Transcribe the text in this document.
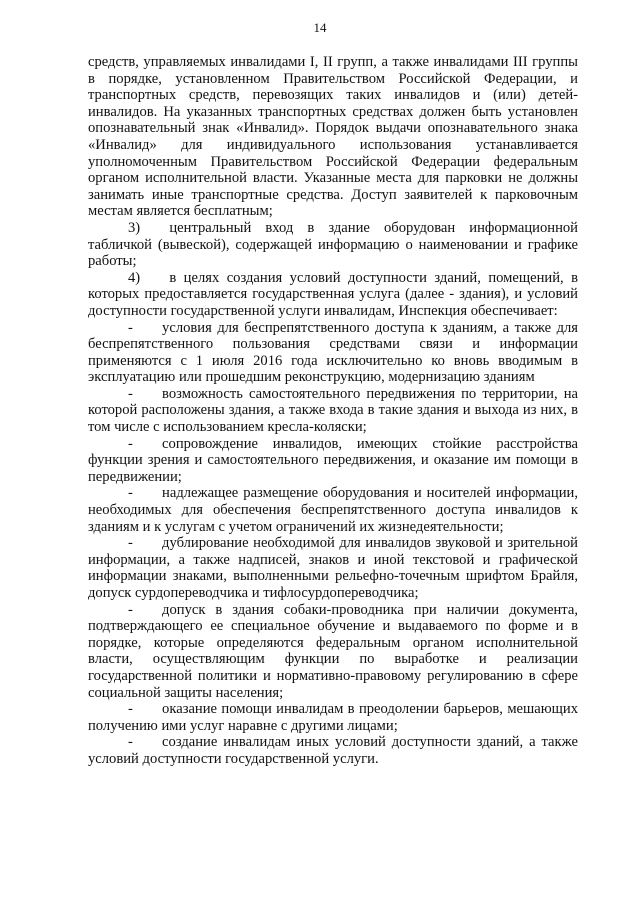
14

средств, управляемых инвалидами I, II групп, а также инвалидами III группы в порядке, установленном Правительством Российской Федерации, и транспортных средств, перевозящих таких инвалидов и (или) детей-инвалидов. На указанных транспортных средствах должен быть установлен опознавательный знак «Инвалид». Порядок выдачи опознавательного знака «Инвалид» для индивидуального использования устанавливается уполномоченным Правительством Российской Федерации федеральным органом исполнительной власти. Указанные места для парковки не должны занимать иные транспортные средства. Доступ заявителей к парковочным местам является бесплатным;

3)  центральный вход в здание оборудован информационной табличкой (вывеской), содержащей информацию о наименовании и графике работы;

4)  в целях создания условий доступности зданий, помещений, в которых предоставляется государственная услуга (далее - здания), и условий доступности государственной услуги инвалидам, Инспекция обеспечивает:

-  условия для беспрепятственного доступа к зданиям, а также для беспрепятственного пользования средствами связи и информации применяются с 1 июля 2016 года исключительно ко вновь вводимым в эксплуатацию или прошедшим реконструкцию, модернизацию зданиям

-  возможность самостоятельного передвижения по территории, на которой расположены здания, а также входа в такие здания и выхода из них, в том числе с использованием кресла-коляски;

-  сопровождение инвалидов, имеющих стойкие расстройства функции зрения и самостоятельного передвижения, и оказание им помощи в передвижении;

-  надлежащее размещение оборудования и носителей информации, необходимых для обеспечения беспрепятственного доступа инвалидов к зданиям и к услугам с учетом ограничений их жизнедеятельности;

-  дублирование необходимой для инвалидов звуковой и зрительной информации, а также надписей, знаков и иной текстовой и графической информации знаками, выполненными рельефно-точечным шрифтом Брайля, допуск сурдопереводчика и тифлосурдопереводчика;

-  допуск в здания собаки-проводника при наличии документа, подтверждающего ее специальное обучение и выдаваемого по форме и в порядке, которые определяются федеральным органом исполнительной власти, осуществляющим функции по выработке и реализации государственной политики и нормативно-правовому регулированию в сфере социальной защиты населения;

-  оказание помощи инвалидам в преодолении барьеров, мешающих получению ими услуг наравне с другими лицами;

-  создание инвалидам иных условий доступности зданий, а также условий доступности государственной услуги.
